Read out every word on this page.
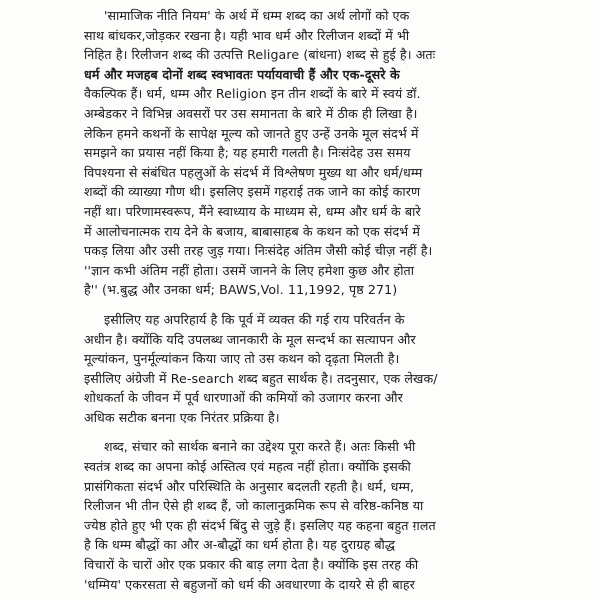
'सामाजिक नीति नियम' के अर्थ में धम्म शब्द का अर्थ लोगों को एक
साथ बांधकर,जोड़कर रखना है। यही भाव धर्म और रिलीजन शब्दों में भी
निहित है। रिलीजन शब्द की उत्पत्ति Religare (बांधना) शब्द से हुई है। अतः
धर्म और मजहब दोनों शब्द स्वभावतः पर्यायवाची हैं और एक-दूसरे के
वैकल्पिक हैं। धर्म, धम्म और Religion इन तीन शब्दों के बारे में स्वयं डॉ.
अम्बेडकर ने विभिन्न अवसरों पर उस समानता के बारे में ठीक ही लिखा है।
लेकिन हमने कथनों के सापेक्ष मूल्य को जानते हुए उन्हें उनके मूल संदर्भ में
समझने का प्रयास नहीं किया है; यह हमारी गलती है। निःसंदेह उस समय
विपश्यना से संबंधित पहलुओं के संदर्भ में विश्लेषण मुख्य था और धर्म/धम्म
शब्दों की व्याख्या गौण थी। इसलिए इसमें गहराई तक जाने का कोई कारण
नहीं था। परिणामस्वरूप, मैंने स्वाध्याय के माध्यम से, धम्म और धर्म के बारे
में आलोचनात्मक राय देने के बजाय, बाबासाहब के कथन को एक संदर्भ में
पकड़ लिया और उसी तरह जुड़ गया। निःसंदेह अंतिम जैसी कोई चीज़ नहीं है।
''ज्ञान कभी अंतिम नहीं होता। उसमें जानने के लिए हमेशा कुछ और होता
है'' (भ.बुद्ध और उनका धर्म; BAWS,Vol. 11,1992, पृष्ठ 271)

इसीलिए यह अपरिहार्य है कि पूर्व में व्यक्त की गई राय परिवर्तन के
अधीन है। क्योंकि यदि उपलब्ध जानकारी के मूल सन्दर्भ का सत्यापन और
मूल्यांकन, पुनर्मूल्यांकन किया जाए तो उस कथन को दृढ़ता मिलती है।
इसीलिए अंग्रेजी में Re-search शब्द बहुत सार्थक है। तदनुसार, एक लेखक/
शोधकर्ता के जीवन में पूर्व धारणाओं की कमियों को उजागर करना और
अधिक सटीक बनना एक निरंतर प्रक्रिया है।

शब्द, संचार को सार्थक बनाने का उद्देश्य पूरा करते हैं। अतः किसी भी
स्वतंत्र शब्द का अपना कोई अस्तित्व एवं महत्व नहीं होता। क्योंकि इसकी
प्रासंगिकता संदर्भ और परिस्थिति के अनुसार बदलती रहती है। धर्म, धम्म,
रिलीजन भी तीन ऐसे ही शब्द हैं, जो कालानुक्रमिक रूप से वरिष्ठ-कनिष्ठ या
ज्येष्ठ होते हुए भी एक ही संदर्भ बिंदु से जुड़े हैं। इसलिए यह कहना बहुत ग़लत
है कि धम्म बौद्धों का और अ-बौद्धों का धर्म होता है। यह दुराग्रह बौद्ध
विचारों के चारों ओर एक प्रकार की बाड़ लगा देता है। क्योंकि इस तरह की
'धम्मिय' एकरसता से बहुजनों को धर्म की अवधारणा के दायरे से ही बाहर
